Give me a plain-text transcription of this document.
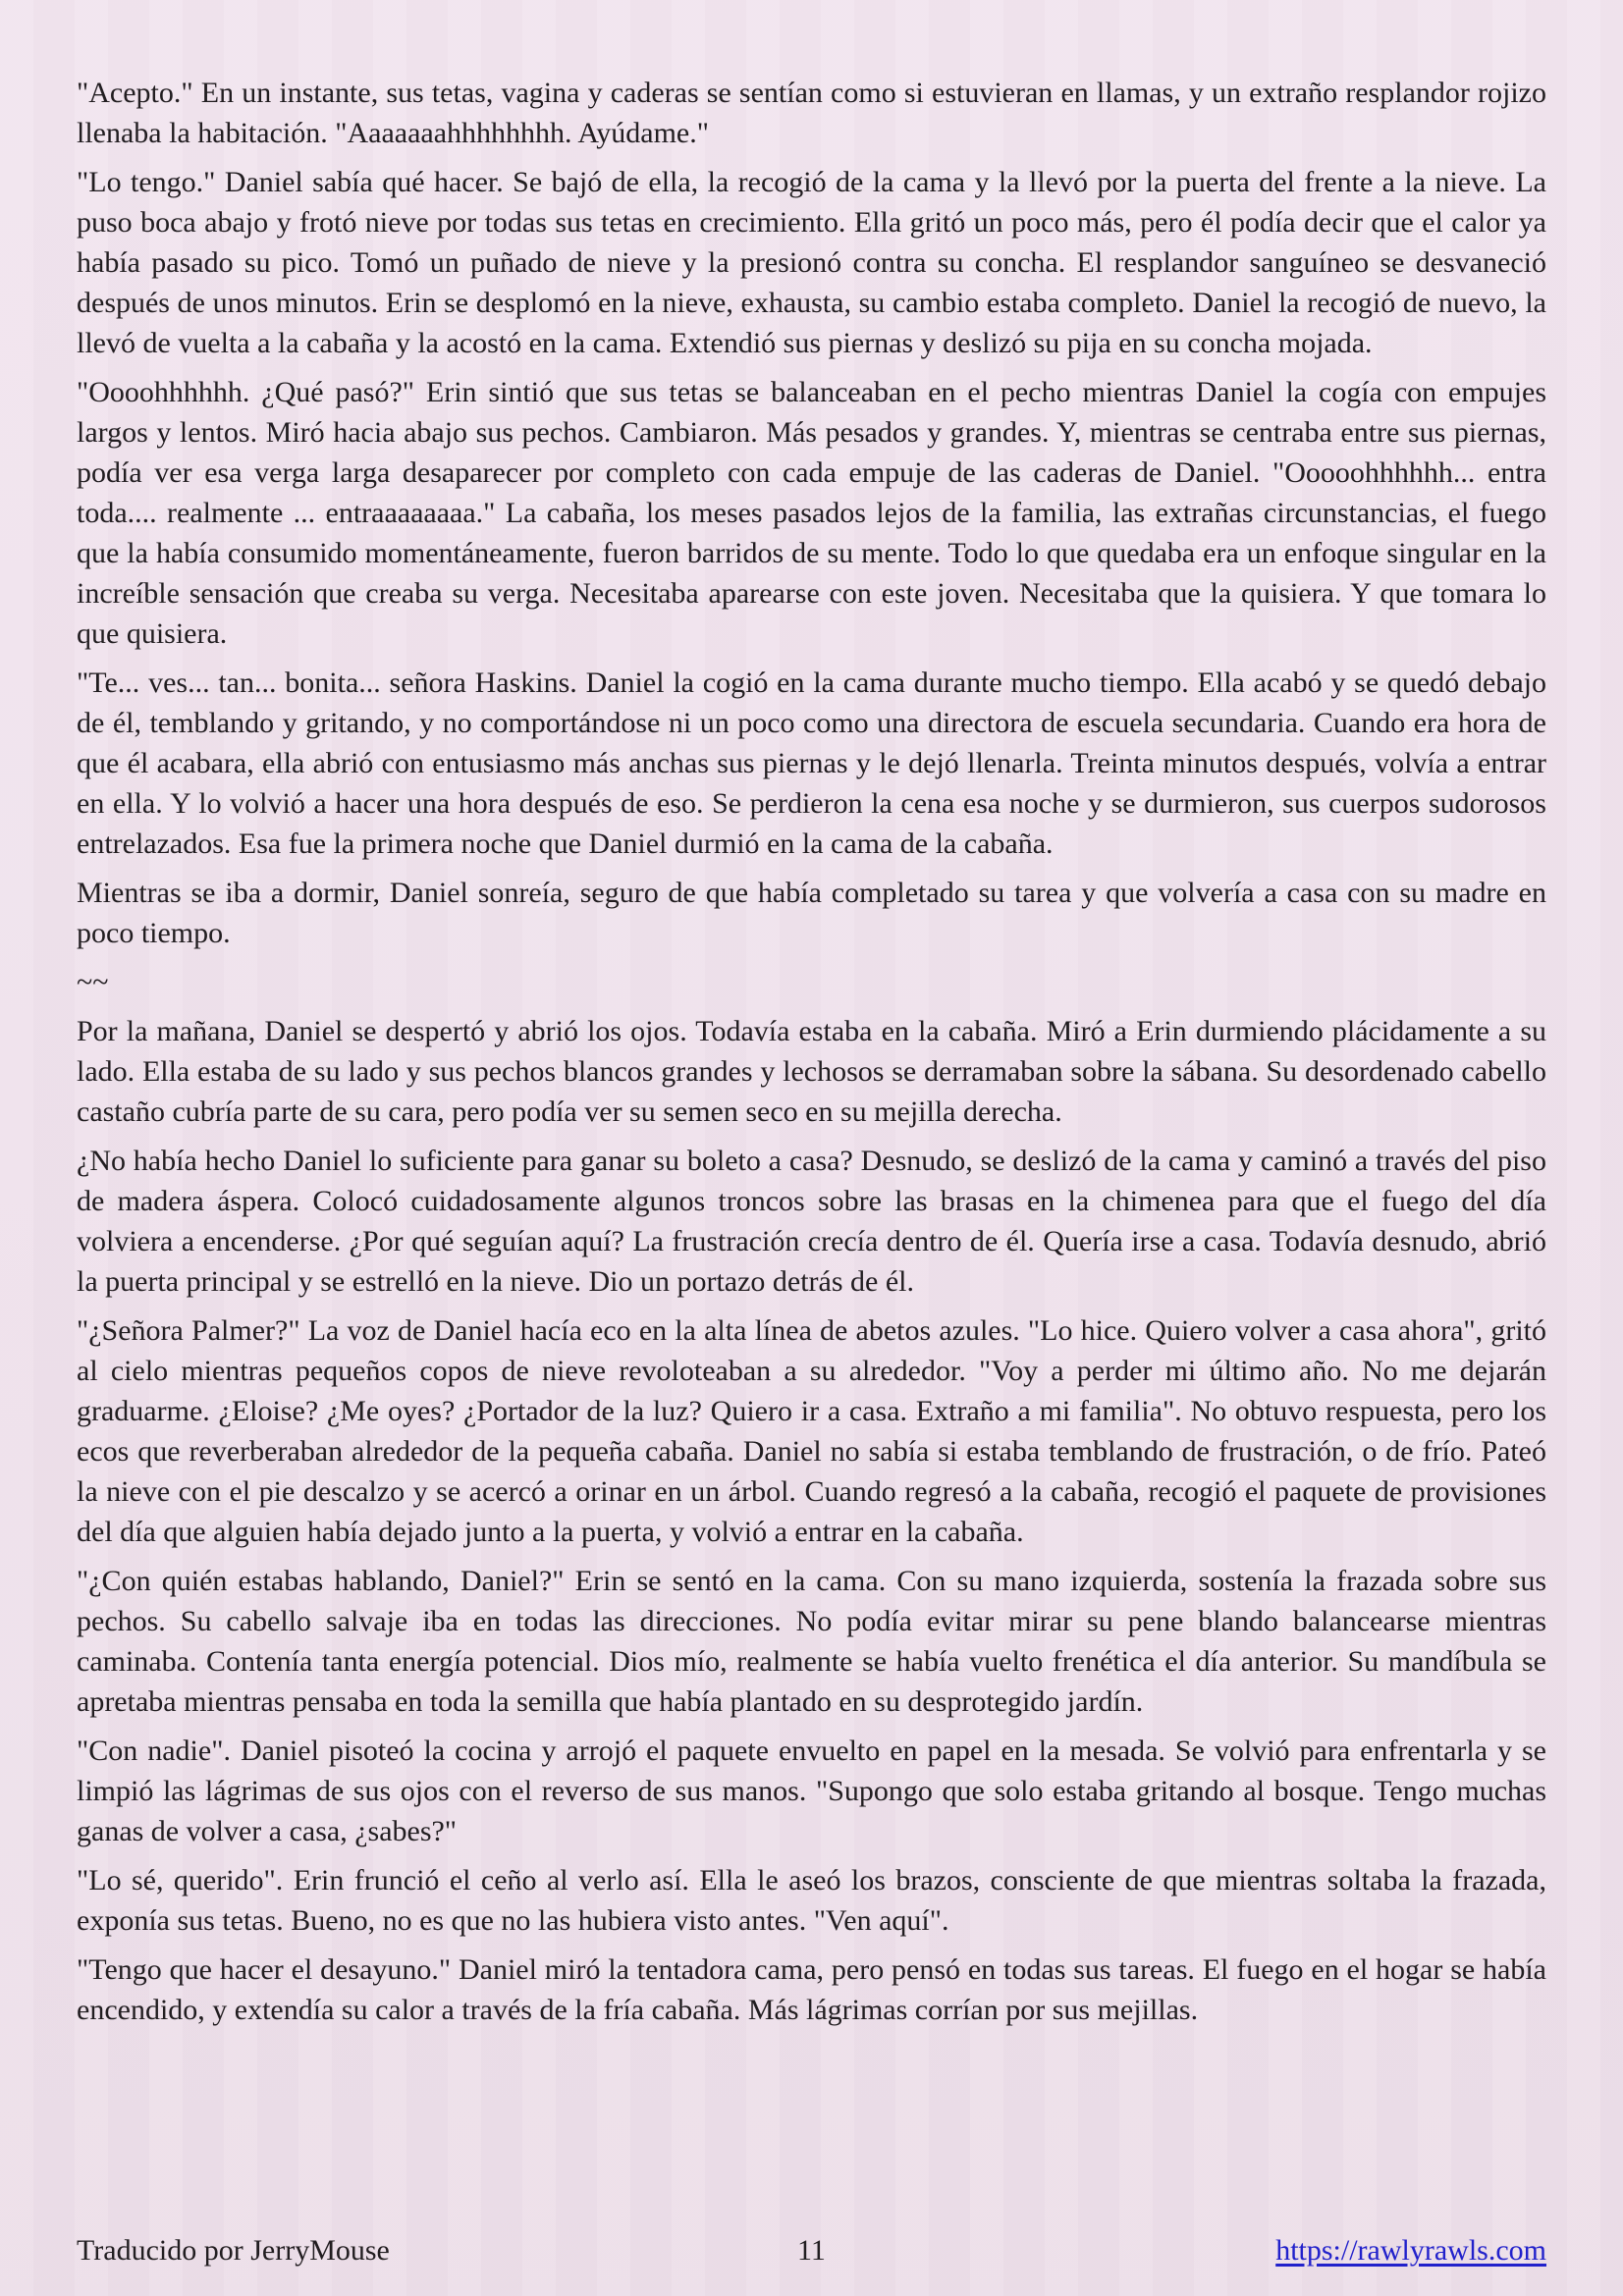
"Acepto." En un instante, sus tetas, vagina y caderas se sentían como si estuvieran en llamas, y un extraño resplandor rojizo llenaba la habitación. "Aaaaaaahhhhhhhh. Ayúdame."

"Lo tengo." Daniel sabía qué hacer. Se bajó de ella, la recogió de la cama y la llevó por la puerta del frente a la nieve. La puso boca abajo y frotó nieve por todas sus tetas en crecimiento. Ella gritó un poco más, pero él podía decir que el calor ya había pasado su pico. Tomó un puñado de nieve y la presionó contra su concha. El resplandor sanguíneo se desvaneció después de unos minutos. Erin se desplomó en la nieve, exhausta, su cambio estaba completo. Daniel la recogió de nuevo, la llevó de vuelta a la cabaña y la acostó en la cama. Extendió sus piernas y deslizó su pija en su concha mojada.

"Oooohhhhhh. ¿Qué pasó?" Erin sintió que sus tetas se balanceaban en el pecho mientras Daniel la cogía con empujes largos y lentos. Miró hacia abajo sus pechos. Cambiaron. Más pesados y grandes. Y, mientras se centraba entre sus piernas, podía ver esa verga larga desaparecer por completo con cada empuje de las caderas de Daniel. "Ooooohhhhhh... entra toda.... realmente ... entraaaaaaaa." La cabaña, los meses pasados lejos de la familia, las extrañas circunstancias, el fuego que la había consumido momentáneamente, fueron barridos de su mente. Todo lo que quedaba era un enfoque singular en la increíble sensación que creaba su verga. Necesitaba aparearse con este joven. Necesitaba que la quisiera. Y que tomara lo que quisiera.

"Te... ves... tan... bonita... señora Haskins. Daniel la cogió en la cama durante mucho tiempo. Ella acabó y se quedó debajo de él, temblando y gritando, y no comportándose ni un poco como una directora de escuela secundaria. Cuando era hora de que él acabara, ella abrió con entusiasmo más anchas sus piernas y le dejó llenarla. Treinta minutos después, volvía a entrar en ella. Y lo volvió a hacer una hora después de eso. Se perdieron la cena esa noche y se durmieron, sus cuerpos sudorosos entrelazados. Esa fue la primera noche que Daniel durmió en la cama de la cabaña.

Mientras se iba a dormir, Daniel sonreía, seguro de que había completado su tarea y que volvería a casa con su madre en poco tiempo.

~~

Por la mañana, Daniel se despertó y abrió los ojos. Todavía estaba en la cabaña. Miró a Erin durmiendo plácidamente a su lado. Ella estaba de su lado y sus pechos blancos grandes y lechosos se derramaban sobre la sábana. Su desordenado cabello castaño cubría parte de su cara, pero podía ver su semen seco en su mejilla derecha.

¿No había hecho Daniel lo suficiente para ganar su boleto a casa? Desnudo, se deslizó de la cama y caminó a través del piso de madera áspera. Colocó cuidadosamente algunos troncos sobre las brasas en la chimenea para que el fuego del día volviera a encenderse. ¿Por qué seguían aquí? La frustración crecía dentro de él. Quería irse a casa. Todavía desnudo, abrió la puerta principal y se estrelló en la nieve. Dio un portazo detrás de él.

"¿Señora Palmer?" La voz de Daniel hacía eco en la alta línea de abetos azules. "Lo hice. Quiero volver a casa ahora", gritó al cielo mientras pequeños copos de nieve revoloteaban a su alrededor. "Voy a perder mi último año. No me dejarán graduarme. ¿Eloise? ¿Me oyes? ¿Portador de la luz? Quiero ir a casa. Extraño a mi familia". No obtuvo respuesta, pero los ecos que reverberaban alrededor de la pequeña cabaña. Daniel no sabía si estaba temblando de frustración, o de frío. Pateó la nieve con el pie descalzo y se acercó a orinar en un árbol. Cuando regresó a la cabaña, recogió el paquete de provisiones del día que alguien había dejado junto a la puerta, y volvió a entrar en la cabaña.

"¿Con quién estabas hablando, Daniel?" Erin se sentó en la cama. Con su mano izquierda, sostenía la frazada sobre sus pechos. Su cabello salvaje iba en todas las direcciones. No podía evitar mirar su pene blando balancearse mientras caminaba. Contenía tanta energía potencial. Dios mío, realmente se había vuelto frenética el día anterior. Su mandíbula se apretaba mientras pensaba en toda la semilla que había plantado en su desprotegido jardín.

"Con nadie". Daniel pisoteó la cocina y arrojó el paquete envuelto en papel en la mesada. Se volvió para enfrentarla y se limpió las lágrimas de sus ojos con el reverso de sus manos. "Supongo que solo estaba gritando al bosque. Tengo muchas ganas de volver a casa, ¿sabes?"

"Lo sé, querido". Erin frunció el ceño al verlo así. Ella le aseó los brazos, consciente de que mientras soltaba la frazada, exponía sus tetas. Bueno, no es que no las hubiera visto antes. "Ven aquí".

"Tengo que hacer el desayuno." Daniel miró la tentadora cama, pero pensó en todas sus tareas. El fuego en el hogar se había encendido, y extendía su calor a través de la fría cabaña. Más lágrimas corrían por sus mejillas.

Traducido por JerryMouse	11	https://rawlyrawls.com
